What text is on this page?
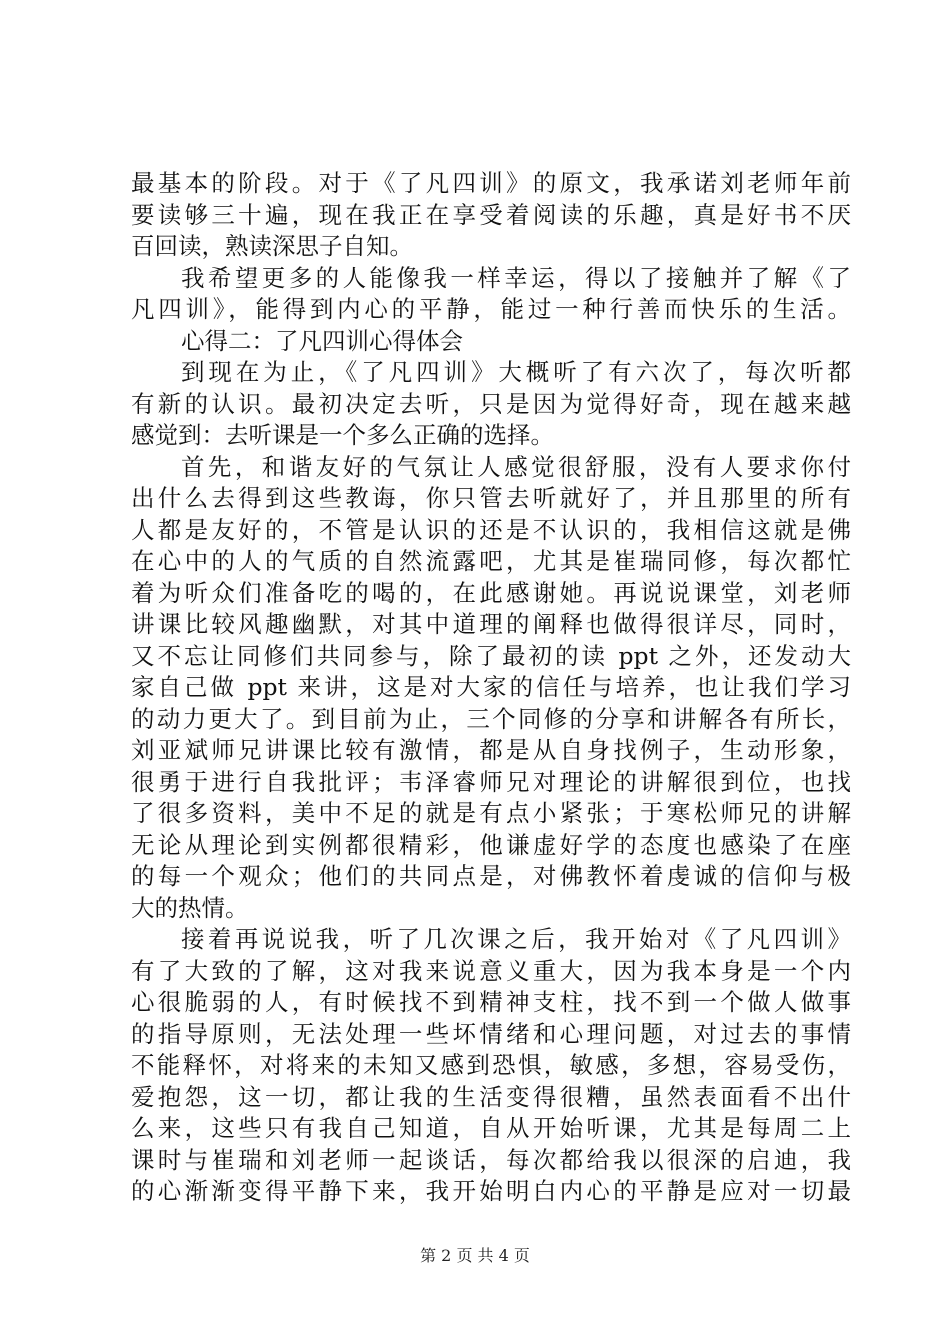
最基本的阶段。对于《了凡四训》的原文，我承诺刘老师年前
要读够三十遍，现在我正在享受着阅读的乐趣，真是好书不厌
百回读，熟读深思子自知。
我希望更多的人能像我一样幸运，得以了接触并了解《了
凡四训》，能得到内心的平静，能过一种行善而快乐的生活。
心得二：了凡四训心得体会
到现在为止，《了凡四训》大概听了有六次了，每次听都
有新的认识。最初决定去听，只是因为觉得好奇，现在越来越
感觉到：去听课是一个多么正确的选择。
首先，和谐友好的气氛让人感觉很舒服，没有人要求你付
出什么去得到这些教诲，你只管去听就好了，并且那里的所有
人都是友好的，不管是认识的还是不认识的，我相信这就是佛
在心中的人的气质的自然流露吧，尤其是崔瑞同修，每次都忙
着为听众们准备吃的喝的，在此感谢她。再说说课堂，刘老师
讲课比较风趣幽默，对其中道理的阐释也做得很详尽，同时，
又不忘让同修们共同参与，除了最初的读 ppt 之外，还发动大
家自己做 ppt 来讲，这是对大家的信任与培养，也让我们学习
的动力更大了。到目前为止，三个同修的分享和讲解各有所长，
刘亚斌师兄讲课比较有激情，都是从自身找例子，生动形象，
很勇于进行自我批评；韦泽睿师兄对理论的讲解很到位，也找
了很多资料，美中不足的就是有点小紧张；于寒松师兄的讲解
无论从理论到实例都很精彩，他谦虚好学的态度也感染了在座
的每一个观众；他们的共同点是，对佛教怀着虔诚的信仰与极
大的热情。
接着再说说我，听了几次课之后，我开始对《了凡四训》
有了大致的了解，这对我来说意义重大，因为我本身是一个内
心很脆弱的人，有时候找不到精神支柱，找不到一个做人做事
的指导原则，无法处理一些坏情绪和心理问题，对过去的事情
不能释怀，对将来的未知又感到恐惧，敏感，多想，容易受伤，
爱抱怨，这一切，都让我的生活变得很糟，虽然表面看不出什
么来，这些只有我自己知道，自从开始听课，尤其是每周二上
课时与崔瑞和刘老师一起谈话，每次都给我以很深的启迪，我
的心渐渐变得平静下来，我开始明白内心的平静是应对一切最
第 2 页 共 4 页
